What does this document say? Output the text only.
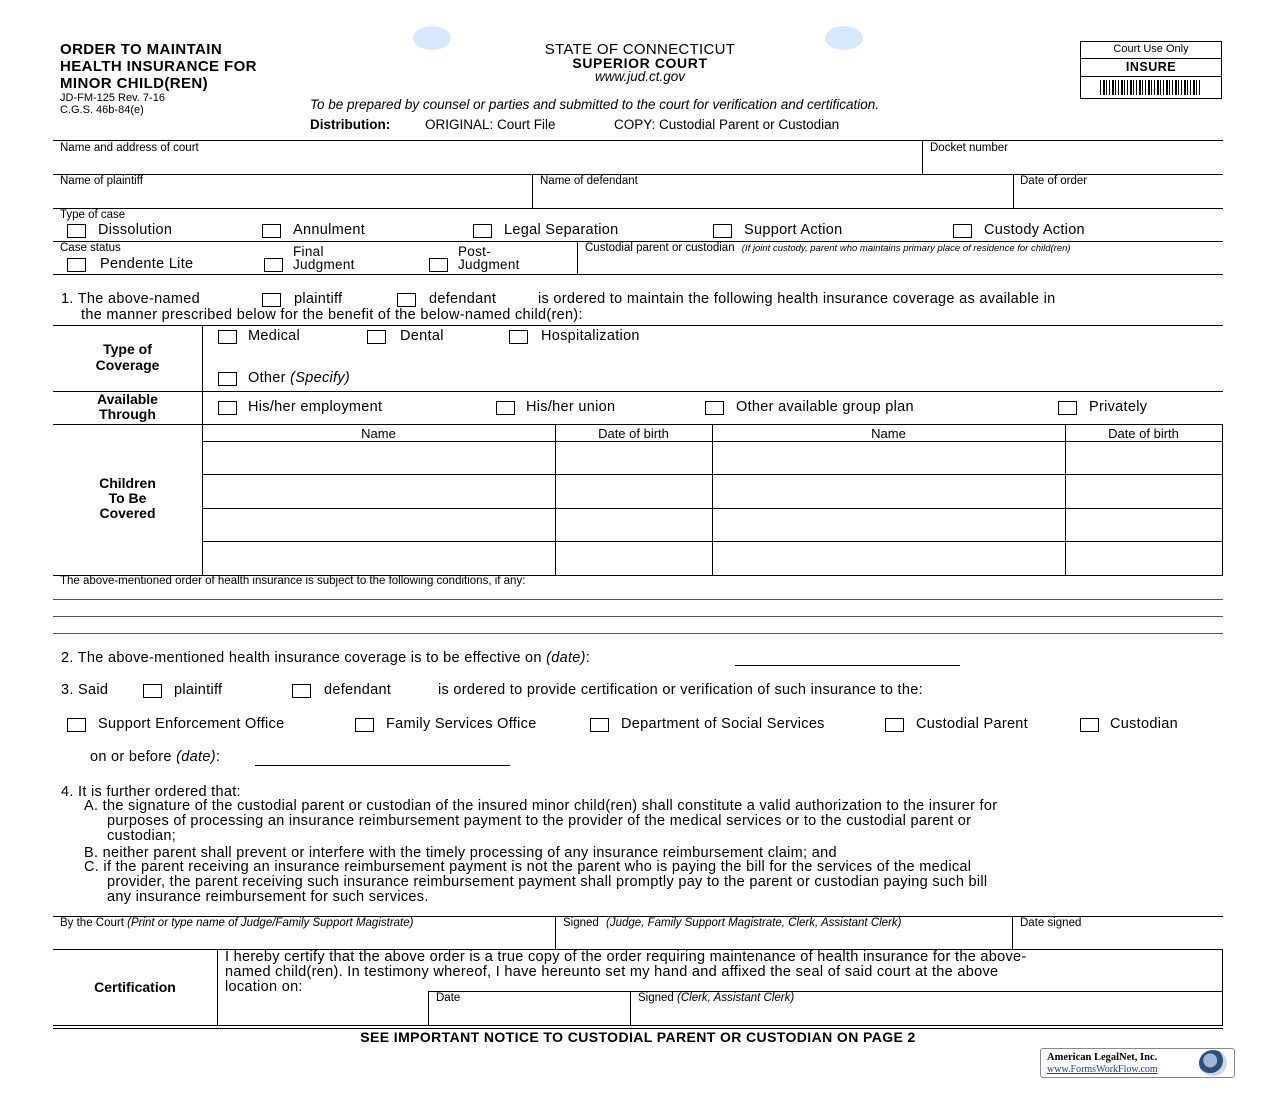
ORDER TO MAINTAIN
HEALTH INSURANCE FOR
MINOR CHILD(REN)
JD-FM-125 Rev. 7-16
C.G.S. 46b-84(e)
STATE OF CONNECTICUT
SUPERIOR COURT
www.jud.ct.gov
To be prepared by counsel or parties and submitted to the court for verification and certification.
Distribution:	ORIGINAL: Court File	COPY: Custodial Parent or Custodian
Court Use Only
INSURE
Name and address of court	Docket number
Name of plaintiff	Name of defendant	Date of order
Type of case
Dissolution	Annulment	Legal Separation	Support Action	Custody Action
Case status
Pendente Lite
Final
Judgment
Post-
Judgment
Custodial parent or custodian (If joint custody, parent who maintains primary place of residence for child(ren)
1. The above-named	plaintiff	defendant	is ordered to maintain the following health insurance coverage as available in
the manner prescribed below for the benefit of the below-named child(ren):
Type of
Coverage
Medical	Dental	Hospitalization
Other (Specify)
Available
Through	His/her employment	His/her union	Other available group plan	Privately
Children
To Be
Covered
Name	Date of birth	Name	Date of birth
The above-mentioned order of health insurance is subject to the following conditions, if any:
2. The above-mentioned health insurance coverage is to be effective on (date):
3. Said	plaintiff	defendant	is ordered to provide certification or verification of such insurance to the:
Support Enforcement Office	Family Services Office	Department of Social Services	Custodial Parent	Custodian
on or before (date):
4. It is further ordered that:
A. the signature of the custodial parent or custodian of the insured minor child(ren) shall constitute a valid authorization to the insurer for
purposes of processing an insurance reimbursement payment to the provider of the medical services or to the custodial parent or
custodian;
B. neither parent shall prevent or interfere with the timely processing of any insurance reimbursement claim; and
C. if the parent receiving an insurance reimbursement payment is not the parent who is paying the bill for the services of the medical
provider, the parent receiving such insurance reimbursement payment shall promptly pay to the parent or custodian paying such bill
any insurance reimbursement for such services.
By the Court (Print or type name of Judge/Family Support Magistrate)	Signed (Judge, Family Support Magistrate, Clerk, Assistant Clerk)	Date signed
Certification
I hereby certify that the above order is a true copy of the order requiring maintenance of health insurance for the above-
named child(ren). In testimony whereof, I have hereunto set my hand and affixed the seal of said court at the above
location on:
Date	Signed (Clerk, Assistant Clerk)
SEE IMPORTANT NOTICE TO CUSTODIAL PARENT OR CUSTODIAN ON PAGE 2
American LegalNet, Inc.
www.FormsWorkFlow.com
